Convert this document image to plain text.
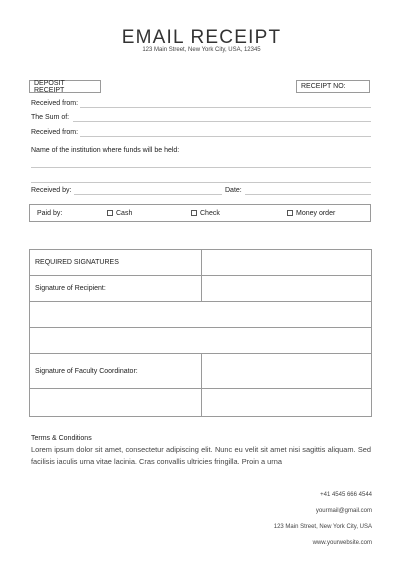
EMAIL RECEIPT
123 Main Street, New York City, USA, 12345
DEPOSIT RECEIPT	RECEIPT NO:
Received from:
The Sum of:
Received from:
Name of the institution where funds will be held:
Received by:	Date:
Paid by:	Cash	Check	Money order
REQUIRED SIGNATURES	
Signature of Recipient:	

Signature of Faculty Coordinator:	

Terms & Conditions
Lorem ipsum dolor sit amet, consectetur adipiscing elit. Nunc eu velit sit amet nisi sagittis aliquam. Sed facilisis iaculis urna vitae lacinia. Cras convallis ultricies fringilla. Proin a urna
+41 4545 666 4544
yourmail@gmail.com
123 Main Street, New York City, USA
www.yourwebsite.com
